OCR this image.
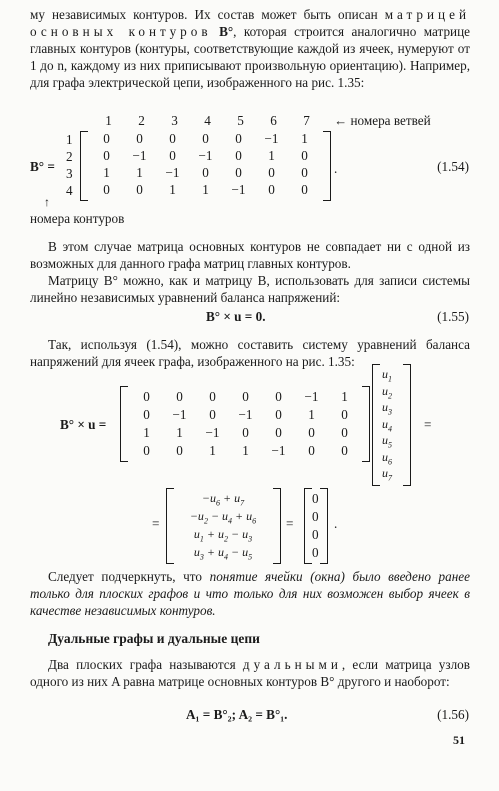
му независимых контуров. Их состав может быть описан матрицей основных контуров B°, которая строится аналогично матрице главных контуров (контуры, соответствующие каждой из ячеек, нумеруют от 1 до n, каждому из них приписывают произвольную ориентацию). Например, для графа электрической цепи, изображенного на рис. 1.35:

1 2 3 4 5 6 7	← номера ветвей
1
2
3
4
B° =
0	0	0	0	0	−1	1
0	−1	0	−1	0	1	0
1	1	−1	0	0	0	0
0	0	1	1	−1	0	0
.	(1.54)
↑
номера контуров

В этом случае матрица основных контуров не совпадает ни с одной из возможных для данного графа матриц главных контуров.

Матрицу B° можно, как и матрицу B, использовать для записи системы линейно независимых уравнений баланса напряжений:

B° × u = 0.	(1.55)

Так, используя (1.54), можно составить систему уравнений баланса напряжений для ячеек графа, изображенного на рис. 1.35:

B° × u =
0	0	0	0	0	−1	1
0	−1	0	−1	0	1	0
1	1	−1	0	0	0	0
0	0	1	1	−1	0	0
$u_1$
$u_2$
$u_3$
$u_4$
$u_5$
$u_6$
$u_7$
=
=
$-u_6 + u_7$
$-u_2 - u_4 + u_6$
$u_1 + u_2 - u_3$
$u_3 + u_4 - u_5$
=
0
0
0
0
.

Следует подчеркнуть, что понятие ячейки (окна) было введено ранее только для плоских графов и что только для них возможен выбор ячеек в качестве независимых контуров.

Дуальные графы и дуальные цепи

Два плоских графа называются дуальными, если матрица узлов одного из них A равна матрице основных контуров B° другого и наоборот:

A₁ = B°₂; A₂ = B°₁.	(1.56)
51
